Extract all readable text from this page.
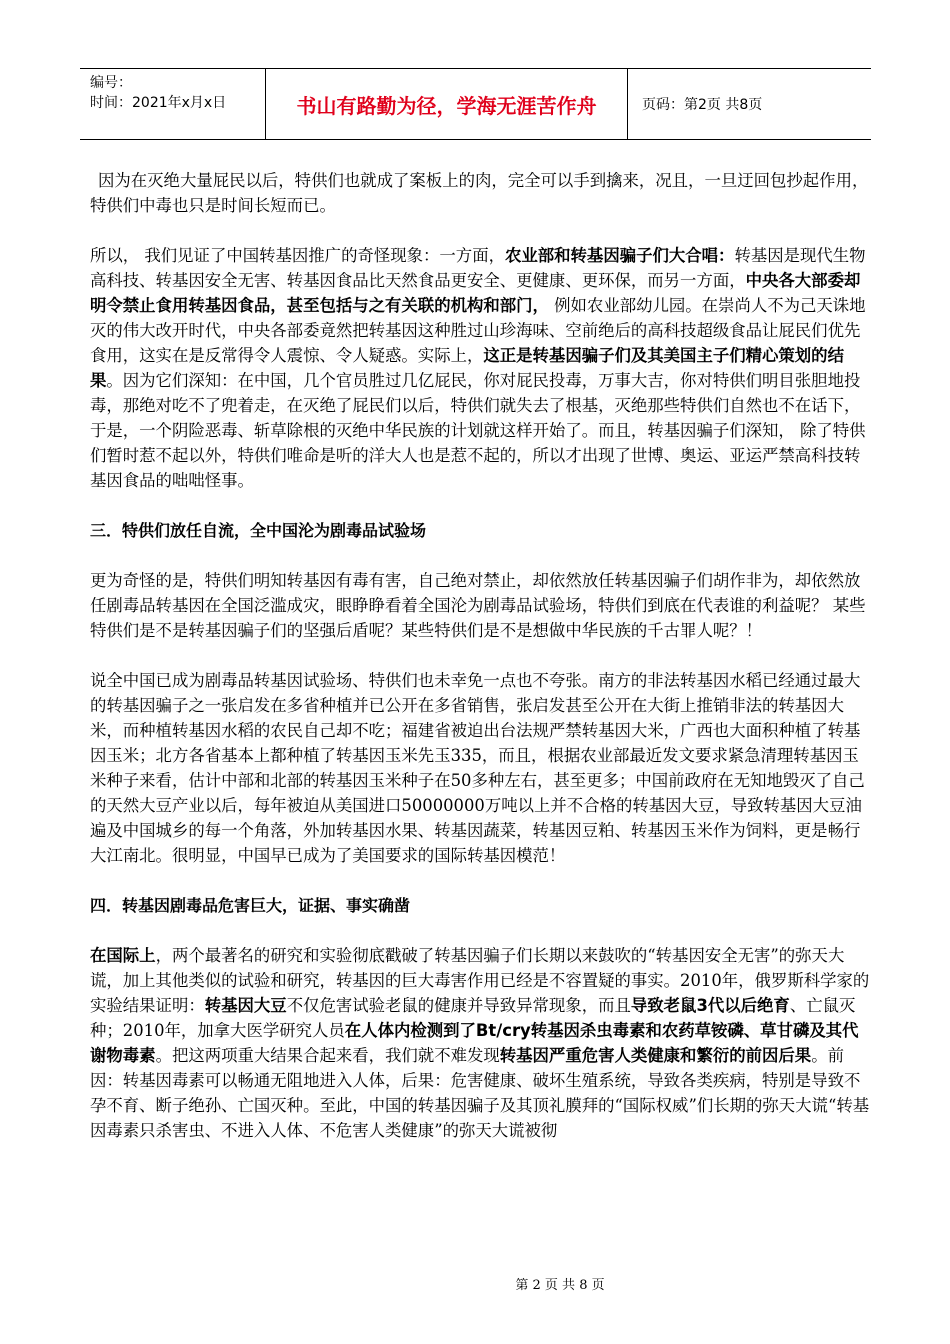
编号：
时间：2021年x月x日	书山有路勤为径，学海无涯苦作舟	页码：第2页 共8页

因为在灭绝大量屁民以后，特供们也就成了案板上的肉，完全可以手到擒来，况且，一旦迂回包抄起作用，特供们中毒也只是时间长短而已。

所以， 我们见证了中国转基因推广的奇怪现象：一方面，农业部和转基因骗子们大合唱：转基因是现代生物高科技、转基因安全无害、转基因食品比天然食品更安全、更健康、更环保，而另一方面，中央各大部委却明令禁止食用转基因食品，甚至包括与之有关联的机构和部门， 例如农业部幼儿园。在崇尚人不为己天诛地灭的伟大改开时代，中央各部委竟然把转基因这种胜过山珍海味、空前绝后的高科技超级食品让屁民们优先食用，这实在是反常得令人震惊、令人疑惑。实际上，这正是转基因骗子们及其美国主子们精心策划的结果。因为它们深知：在中国，几个官员胜过几亿屁民，你对屁民投毒，万事大吉，你对特供们明目张胆地投毒，那绝对吃不了兜着走，在灭绝了屁民们以后，特供们就失去了根基，灭绝那些特供们自然也不在话下，于是，一个阴险恶毒、斩草除根的灭绝中华民族的计划就这样开始了。而且，转基因骗子们深知， 除了特供们暂时惹不起以外，特供们唯命是听的洋大人也是惹不起的，所以才出现了世博、奥运、亚运严禁高科技转基因食品的咄咄怪事。

三．特供们放任自流，全中国沦为剧毒品试验场

更为奇怪的是，特供们明知转基因有毒有害，自己绝对禁止，却依然放任转基因骗子们胡作非为，却依然放任剧毒品转基因在全国泛滥成灾，眼睁睁看着全国沦为剧毒品试验场，特供们到底在代表谁的利益呢？ 某些特供们是不是转基因骗子们的坚强后盾呢？某些特供们是不是想做中华民族的千古罪人呢？！

说全中国已成为剧毒品转基因试验场、特供们也未幸免一点也不夸张。南方的非法转基因水稻已经通过最大的转基因骗子之一张启发在多省种植并已公开在多省销售，张启发甚至公开在大街上推销非法的转基因大米，而种植转基因水稻的农民自己却不吃；福建省被迫出台法规严禁转基因大米，广西也大面积种植了转基因玉米；北方各省基本上都种植了转基因玉米先玉335，而且，根据农业部最近发文要求紧急清理转基因玉米种子来看，估计中部和北部的转基因玉米种子在50多种左右，甚至更多；中国前政府在无知地毁灭了自己的天然大豆产业以后，每年被迫从美国进口50000000万吨以上并不合格的转基因大豆，导致转基因大豆油遍及中国城乡的每一个角落，外加转基因水果、转基因蔬菜，转基因豆粕、转基因玉米作为饲料，更是畅行大江南北。很明显，中国早已成为了美国要求的国际转基因模范！

四．转基因剧毒品危害巨大，证据、事实确凿

在国际上，两个最著名的研究和实验彻底戳破了转基因骗子们长期以来鼓吹的“转基因安全无害”的弥天大谎，加上其他类似的试验和研究，转基因的巨大毒害作用已经是不容置疑的事实。2010年，俄罗斯科学家的实验结果证明：转基因大豆不仅危害试验老鼠的健康并导致异常现象，而且导致老鼠3代以后绝育、亡鼠灭种；2010年，加拿大医学研究人员在人体内检测到了Bt/cry转基因杀虫毒素和农药草铵磷、草甘磷及其代谢物毒素。把这两项重大结果合起来看，我们就不难发现转基因严重危害人类健康和繁衍的前因后果。前因：转基因毒素可以畅通无阻地进入人体，后果：危害健康、破坏生殖系统，导致各类疾病，特别是导致不孕不育、断子绝孙、亡国灭种。至此，中国的转基因骗子及其顶礼膜拜的“国际权威”们长期的弥天大谎“转基因毒素只杀害虫、不进入人体、不危害人类健康”的弥天大谎被彻

第 2 页 共 8 页
